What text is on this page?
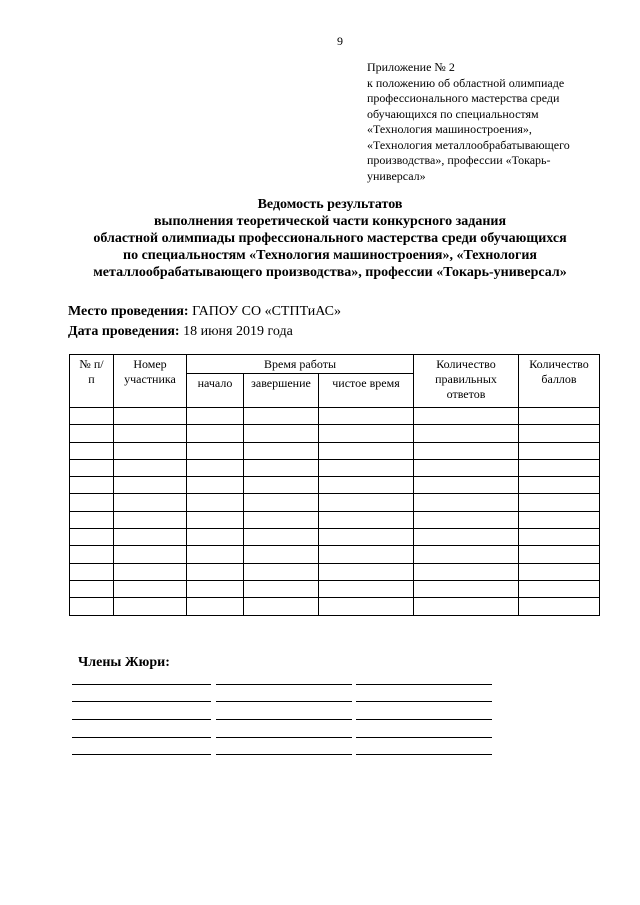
9
Приложение № 2
к положению об областной олимпиаде
профессионального мастерства среди
обучающихся по специальностям
«Технология машиностроения»,
«Технология металлообрабатывающего
производства», профессии «Токарь-
универсал»
Ведомость результатов
выполнения теоретической части конкурсного задания
областной олимпиады профессионального мастерства среди обучающихся
по специальностям «Технология машиностроения», «Технология
металлообрабатывающего производства», профессии «Токарь-универсал»
Место проведения: ГАПОУ СО «СТПТиАС»
Дата проведения: 18 июня 2019 года
№ п/п	Номер участника	Время работы			Количество правильных ответов	Количество баллов
		начало	завершение	чистое время		

Члены Жюри:
